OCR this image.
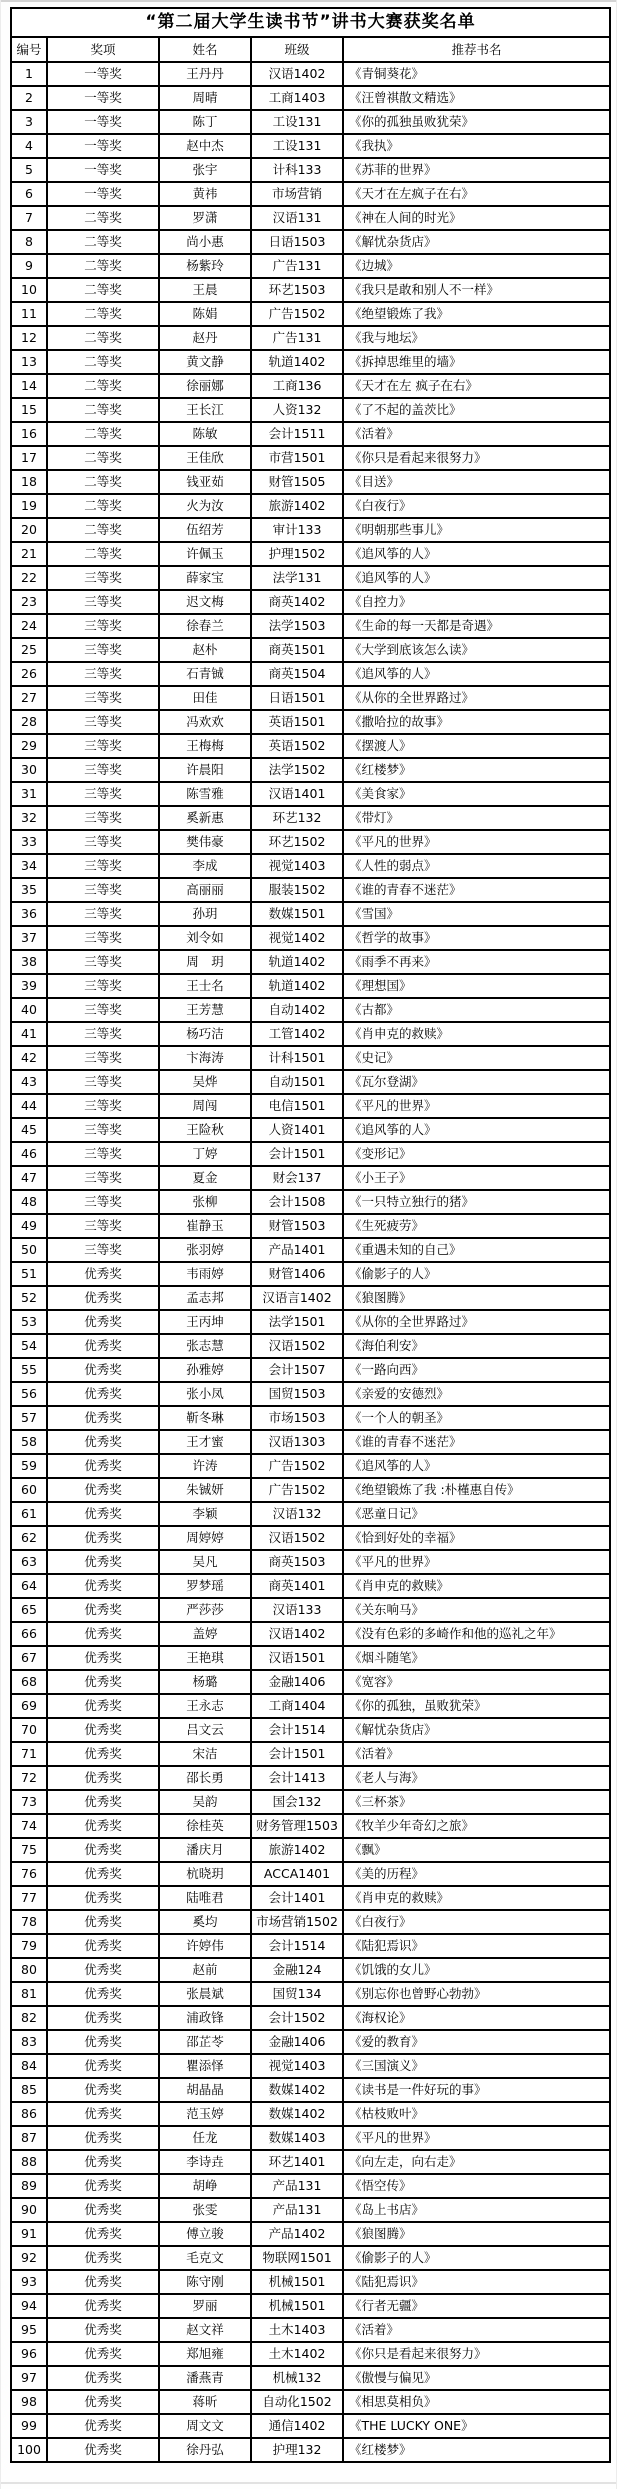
“第二届大学生读书节”讲书大赛获奖名单				
编号	奖项	姓名	班级	推荐书名
1	一等奖	王丹丹	汉语1402	《青铜葵花》
2	一等奖	周晴	工商1403	《汪曾祺散文精选》
3	一等奖	陈丁	工设131	《你的孤独虽败犹荣》
4	一等奖	赵中杰	工设131	《我执》
5	一等奖	张宇	计科133	《苏菲的世界》
6	一等奖	黄祎	市场营销	《天才在左疯子在右》
7	二等奖	罗潇	汉语131	《神在人间的时光》
8	二等奖	尚小惠	日语1503	《解忧杂货店》
9	二等奖	杨紫玲	广告131	《边城》
10	二等奖	王晨	环艺1503	《我只是敢和别人不一样》
11	二等奖	陈娟	广告1502	《绝望锻炼了我》
12	二等奖	赵丹	广告131	《我与地坛》
13	二等奖	黄文静	轨道1402	《拆掉思维里的墙》
14	二等奖	徐丽娜	工商136	《天才在左 疯子在右》
15	二等奖	王长江	人资132	《了不起的盖茨比》
16	二等奖	陈敏	会计1511	《活着》
17	二等奖	王佳欣	市营1501	《你只是看起来很努力》
18	二等奖	钱亚茹	财管1505	《目送》
19	二等奖	火为汝	旅游1402	《白夜行》
20	二等奖	伍绍芳	审计133	《明朝那些事儿》
21	二等奖	许佩玉	护理1502	《追风筝的人》
22	三等奖	薛家宝	法学131	《追风筝的人》
23	三等奖	迟文梅	商英1402	《自控力》
24	三等奖	徐春兰	法学1503	《生命的每一天都是奇遇》
25	三等奖	赵朴	商英1501	《大学到底该怎么读》
26	三等奖	石青铖	商英1504	《追风筝的人》
27	三等奖	田佳	日语1501	《从你的全世界路过》
28	三等奖	冯欢欢	英语1501	《撒哈拉的故事》
29	三等奖	王梅梅	英语1502	《摆渡人》
30	三等奖	许晨阳	法学1502	《红楼梦》
31	三等奖	陈雪雅	汉语1401	《美食家》
32	三等奖	奚新惠	环艺132	《带灯》
33	三等奖	樊伟豪	环艺1502	《平凡的世界》
34	三等奖	李成	视觉1403	《人性的弱点》
35	三等奖	高丽丽	服装1502	《谁的青春不迷茫》
36	三等奖	孙玥	数媒1501	《雪国》
37	三等奖	刘令如	视觉1402	《哲学的故事》
38	三等奖	周　玥	轨道1402	《雨季不再来》
39	三等奖	王士名	轨道1402	《理想国》
40	三等奖	王芳慧	自动1402	《古都》
41	三等奖	杨巧洁	工管1402	《肖申克的救赎》
42	三等奖	卞海涛	计科1501	《史记》
43	三等奖	吴烨	自动1501	《瓦尔登湖》
44	三等奖	周闯	电信1501	《平凡的世界》
45	三等奖	王险秋	人资1401	《追风筝的人》
46	三等奖	丁婷	会计1501	《变形记》
47	三等奖	夏金	财会137	《小王子》
48	三等奖	张柳	会计1508	《一只特立独行的猪》
49	三等奖	崔静玉	财管1503	《生死疲劳》
50	三等奖	张羽婷	产品1401	《重遇未知的自己》
51	优秀奖	韦雨婷	财管1406	《偷影子的人》
52	优秀奖	孟志邦	汉语言1402	《狼图腾》
53	优秀奖	王丙坤	法学1501	《从你的全世界路过》
54	优秀奖	张志慧	汉语1502	《海伯利安》
55	优秀奖	孙雅婷	会计1507	《一路向西》
56	优秀奖	张小凤	国贸1503	《亲爱的安德烈》
57	优秀奖	靳冬琳	市场1503	《一个人的朝圣》
58	优秀奖	王才蜜	汉语1303	《谁的青春不迷茫》
59	优秀奖	许涛	广告1502	《追风筝的人》
60	优秀奖	朱铖妍	广告1502	《绝望锻炼了我 :朴槿惠自传》
61	优秀奖	李颖	汉语132	《恶童日记》
62	优秀奖	周婷婷	汉语1502	《恰到好处的幸福》
63	优秀奖	吴凡	商英1503	《平凡的世界》
64	优秀奖	罗梦瑶	商英1401	《肖申克的救赎》
65	优秀奖	严莎莎	汉语133	《关东响马》
66	优秀奖	盖婷	汉语1402	《没有色彩的多崎作和他的巡礼之年》
67	优秀奖	王艳琪	汉语1501	《烟斗随笔》
68	优秀奖	杨璐	金融1406	《宽容》
69	优秀奖	王永志	工商1404	《你的孤独，虽败犹荣》
70	优秀奖	吕文云	会计1514	《解忧杂货店》
71	优秀奖	宋洁	会计1501	《活着》
72	优秀奖	邵长勇	会计1413	《老人与海》
73	优秀奖	吴韵	国会132	《三杯茶》
74	优秀奖	徐桂英	财务管理1503	《牧羊少年奇幻之旅》
75	优秀奖	潘庆月	旅游1402	《飘》
76	优秀奖	杭晓玥	ACCA1401	《美的历程》
77	优秀奖	陆唯君	会计1401	《肖申克的救赎》
78	优秀奖	奚均	市场营销1502	《白夜行》
79	优秀奖	许婷伟	会计1514	《陆犯焉识》
80	优秀奖	赵前	金融124	《饥饿的女儿》
81	优秀奖	张晨斌	国贸134	《别忘你也曾野心勃勃》
82	优秀奖	浦政锋	会计1502	《海权论》
83	优秀奖	邵芷苓	金融1406	《爱的教育》
84	优秀奖	瞿添怿	视觉1403	《三国演义》
85	优秀奖	胡晶晶	数媒1402	《读书是一件好玩的事》
86	优秀奖	范玉婷	数媒1402	《枯枝败叶》
87	优秀奖	任龙	数媒1403	《平凡的世界》
88	优秀奖	李诗垚	环艺1401	《向左走，向右走》
89	优秀奖	胡峥	产品131	《悟空传》
90	优秀奖	张雯	产品131	《岛上书店》
91	优秀奖	傅立骏	产品1402	《狼图腾》
92	优秀奖	毛克文	物联网1501	《偷影子的人》
93	优秀奖	陈守刚	机械1501	《陆犯焉识》
94	优秀奖	罗丽	机械1501	《行者无疆》
95	优秀奖	赵文祥	土木1403	《活着》
96	优秀奖	郑旭雍	土木1402	《你只是看起来很努力》
97	优秀奖	潘燕青	机械132	《傲慢与偏见》
98	优秀奖	蒋昕	自动化1502	《相思莫相负》
99	优秀奖	周文文	通信1402	《THE LUCKY ONE》
100	优秀奖	徐丹弘	护理132	《红楼梦》
